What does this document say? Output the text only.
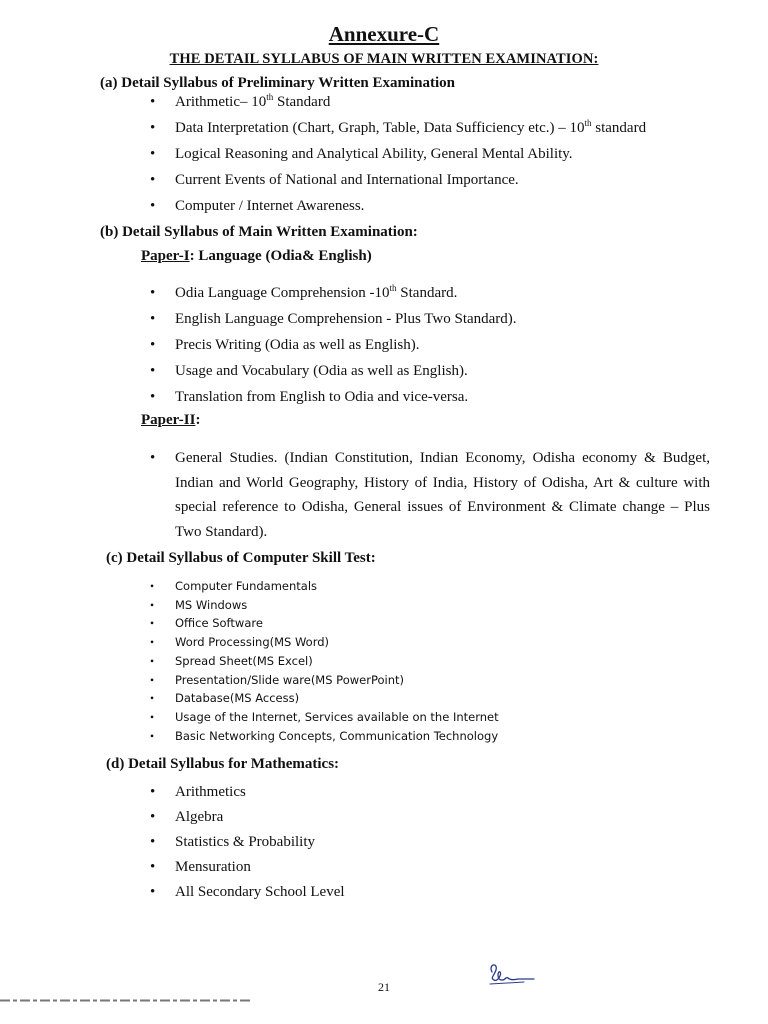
Annexure-C
THE DETAIL SYLLABUS OF MAIN WRITTEN EXAMINATION:
(a) Detail Syllabus of Preliminary Written Examination
• Arithmetic– 10th Standard
• Data Interpretation (Chart, Graph, Table, Data Sufficiency etc.) – 10th standard
• Logical Reasoning and Analytical Ability, General Mental Ability.
• Current Events of National and International Importance.
• Computer / Internet Awareness.
(b) Detail Syllabus of Main Written Examination:
Paper-I: Language (Odia& English)
• Odia Language Comprehension -10th Standard.
• English Language Comprehension - Plus Two Standard).
• Precis Writing (Odia as well as English).
• Usage and Vocabulary (Odia as well as English).
• Translation from English to Odia and vice-versa.
Paper-II:
•	General Studies. (Indian Constitution, Indian Economy, Odisha economy & Budget, Indian and World Geography, History of India, History of Odisha, Art & culture with special reference to Odisha, General issues of Environment & Climate change – Plus Two Standard).
(c) Detail Syllabus of Computer Skill Test:
• Computer Fundamentals
• MS Windows
• Office Software
• Word Processing(MS Word)
• Spread Sheet(MS Excel)
• Presentation/Slide ware(MS PowerPoint)
• Database(MS Access)
• Usage of the Internet, Services available on the Internet
• Basic Networking Concepts, Communication Technology
(d) Detail Syllabus for Mathematics:
• Arithmetics
• Algebra
• Statistics & Probability
• Mensuration
• All Secondary School Level
21
